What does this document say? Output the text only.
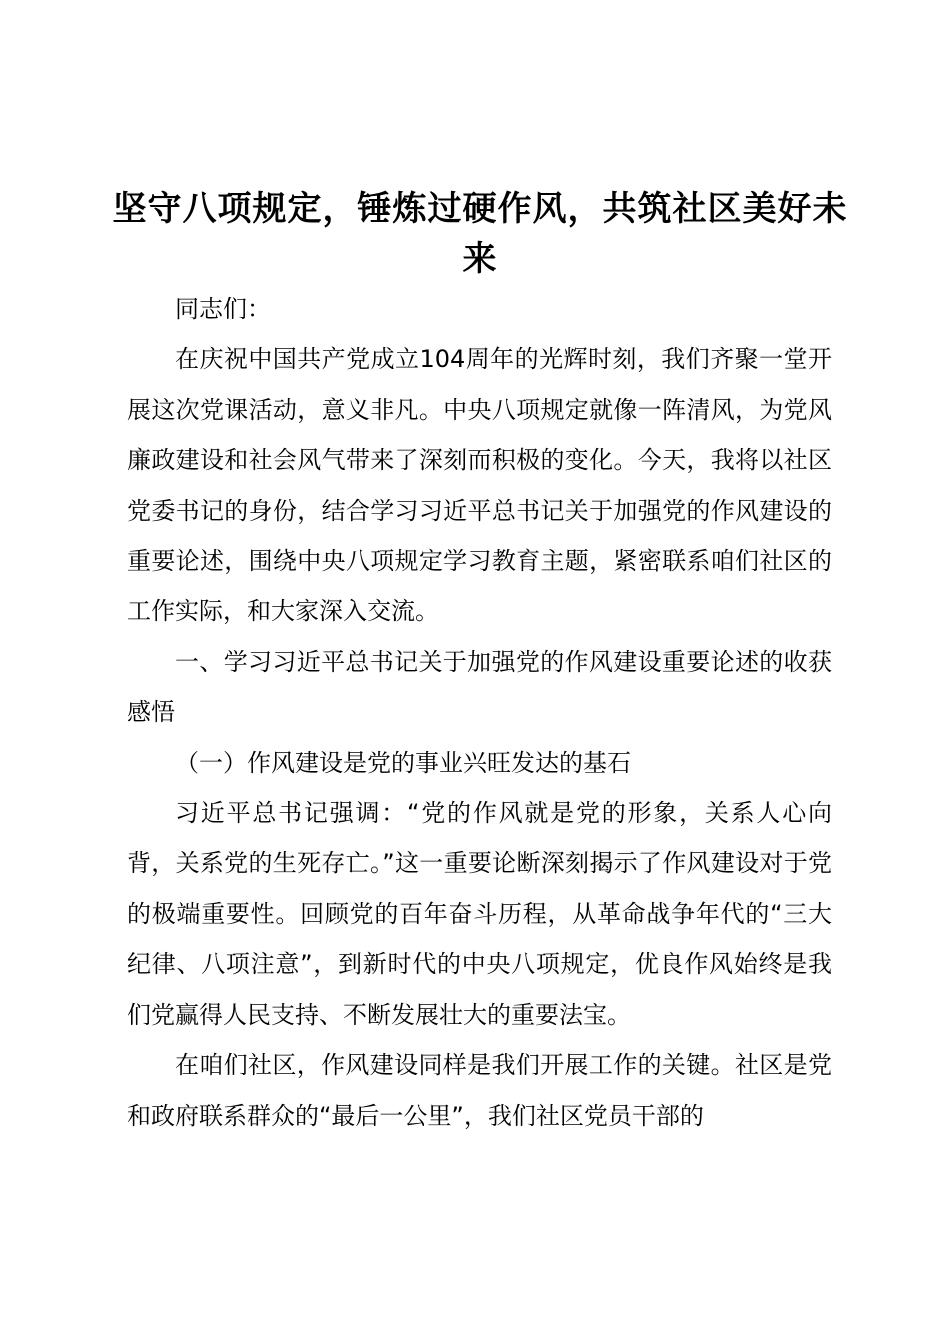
坚守八项规定，锤炼过硬作风，共筑社区美好未来

同志们：

在庆祝中国共产党成立104周年的光辉时刻，我们齐聚一堂开展这次党课活动，意义非凡。中央八项规定就像一阵清风，为党风廉政建设和社会风气带来了深刻而积极的变化。今天，我将以社区党委书记的身份，结合学习习近平总书记关于加强党的作风建设的重要论述，围绕中央八项规定学习教育主题，紧密联系咱们社区的工作实际，和大家深入交流。

一、学习习近平总书记关于加强党的作风建设重要论述的收获感悟

（一）作风建设是党的事业兴旺发达的基石

习近平总书记强调：“党的作风就是党的形象，关系人心向背，关系党的生死存亡。”这一重要论断深刻揭示了作风建设对于党的极端重要性。回顾党的百年奋斗历程，从革命战争年代的“三大纪律、八项注意”，到新时代的中央八项规定，优良作风始终是我们党赢得人民支持、不断发展壮大的重要法宝。

在咱们社区，作风建设同样是我们开展工作的关键。社区是党和政府联系群众的“最后一公里”，我们社区党员干部的
